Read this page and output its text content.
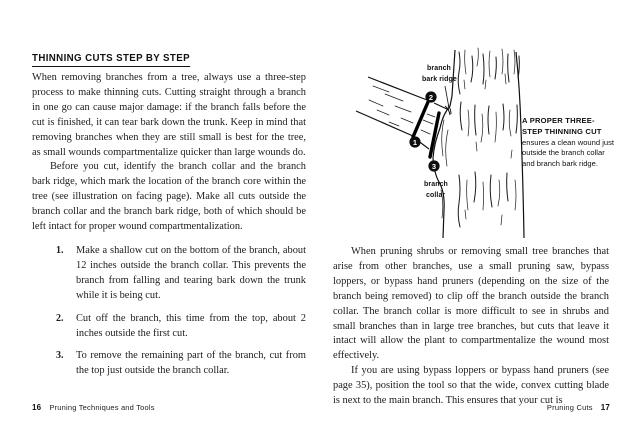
THINNING CUTS STEP BY STEP

When removing branches from a tree, always use a three-step process to make thinning cuts. Cutting straight through a branch in one go can cause major damage: if the branch falls before the cut is finished, it can tear bark down the trunk. Keep in mind that removing branches when they are still small is best for the tree, as small wounds compartmentalize quicker than large wounds do.

Before you cut, identify the branch collar and the branch bark ridge, which mark the location of the branch core within the tree (see illustration on facing page). Make all cuts outside the branch collar and the branch bark ridge, both of which should be left intact for proper wound compartmentalization.

1. Make a shallow cut on the bottom of the branch, about 12 inches outside the branch collar. This prevents the branch from falling and tearing bark down the trunk while it is being cut.
2. Cut off the branch, this time from the top, about 2 inches outside the first cut.
3. To remove the remaining part of the branch, cut from the top just outside the branch collar.
16 Pruning Techniques and Tools
2
1
3
branch
bark ridge
branch
collar
A PROPER THREE-STEP THINNING CUT ensures a clean wound just outside the branch collar and branch bark ridge.

When pruning shrubs or removing small tree branches that arise from other branches, use a small pruning saw, bypass loppers, or bypass hand pruners (depending on the size of the branch being removed) to clip off the branch outside the branch collar. The branch collar is more difficult to see in shrubs and small branches than in large tree branches, but cuts that leave it intact will allow the plant to compartmentalize the wound most effectively.

If you are using bypass loppers or bypass hand pruners (see page 35), position the tool so that the wide, convex cutting blade is next to the main branch. This ensures that your cut is

Pruning Cuts 17
